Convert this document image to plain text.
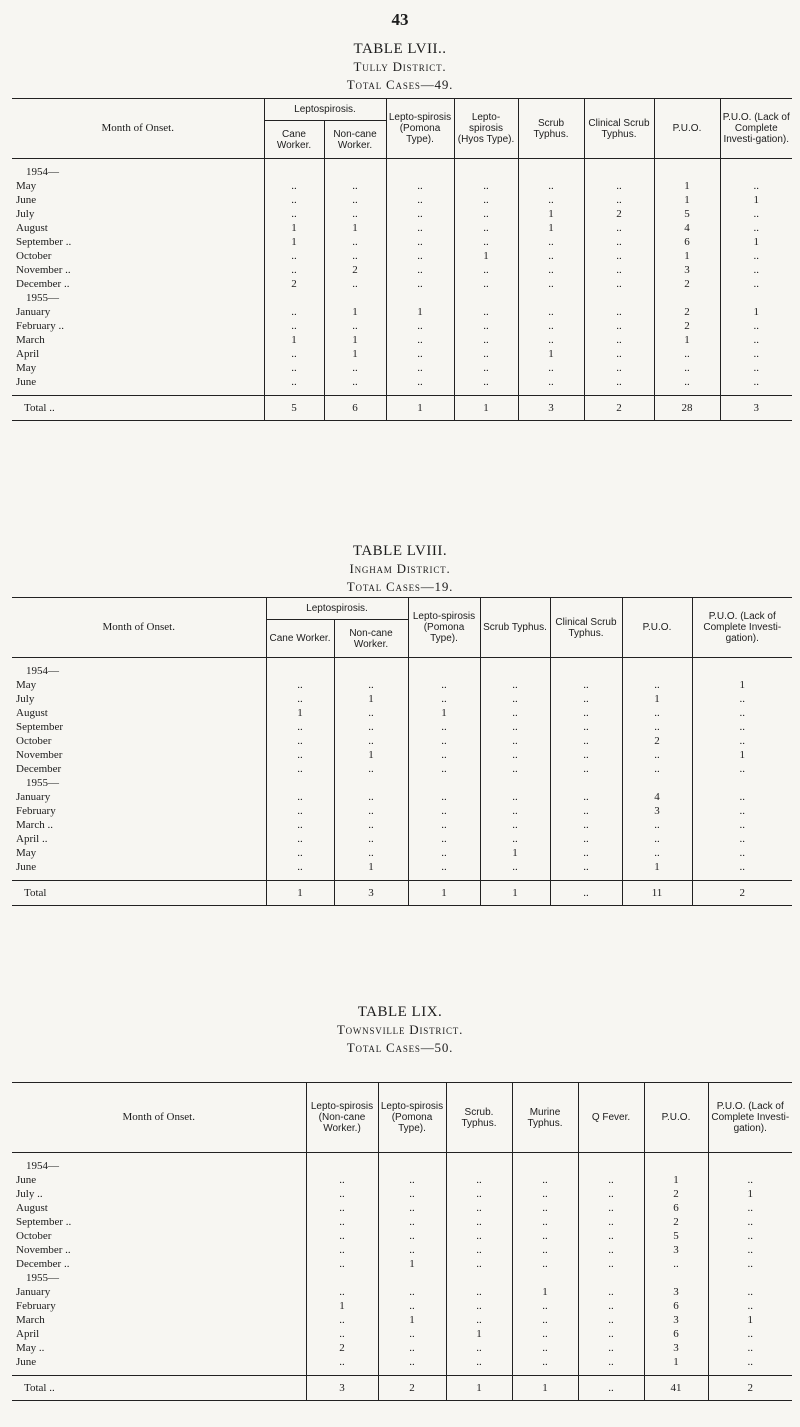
43
TABLE LVII..
Tully District.
Total Cases—49.
Month of Onset.	Leptospirosis.		Lepto-spirosis (Pomona Type).	Lepto-spirosis (Hyos Type).	Scrub Typhus.	Clinical Scrub Typhus.	P.U.O.	P.U.O. (Lack of Complete Investi-gation).
	Cane Worker.	Non-cane Worker.						
1954—								
May	..	..	..	..	..	..	1	..
June	..	..	..	..	..	..	1	1
July	..	..	..	..	1	2	5	..
August	1	1	..	..	1	..	4	..
September ..	1	..	..	..	..	..	6	1
October	..	..	..	1	..	..	1	..
November ..	..	2	..	..	..	..	3	..
December ..	2	..	..	..	..	..	2	..
1955—								
January	..	1	1	..	..	..	2	1
February ..	..	..	..	..	..	..	2	..
March	1	1	..	..	..	..	1	..
April	..	1	..	..	1	..	..	..
May	..	..	..	..	..	..	..	..
June	..	..	..	..	..	..	..	..

Total ..	5	6	1	1	3	2	28	3
TABLE LVIII.
Ingham District.
Total Cases—19.
Month of Onset.	Leptospirosis.		Lepto-spirosis (Pomona Type).	Scrub Typhus.	Clinical Scrub Typhus.	P.U.O.	P.U.O. (Lack of Complete Investi-gation).
	Cane Worker.	Non-cane Worker.					
1954—							
May	..	..	..	..	..	..	1
July	..	1	..	..	..	1	..
August	1	..	1	..	..	..	..
September	..	..	..	..	..	..	..
October	..	..	..	..	..	2	..
November	..	1	..	..	..	..	1
December	..	..	..	..	..	..	..
1955—							
January	..	..	..	..	..	4	..
February	..	..	..	..	..	3	..
March ..	..	..	..	..	..	..	..
April ..	..	..	..	..	..	..	..
May	..	..	..	1	..	..	..
June	..	1	..	..	..	1	..

Total	1	3	1	1	..	11	2
TABLE LIX.
Townsville District.
Total Cases—50.
Month of Onset.	Lepto-spirosis (Non-cane Worker.)	Lepto-spirosis (Pomona Type).	Scrub. Typhus.	Murine Typhus.	Q Fever.	P.U.O.	P.U.O. (Lack of Complete Investi-gation).
1954—							
June	..	..	..	..	..	1	..
July ..	..	..	..	..	..	2	1
August	..	..	..	..	..	6	..
September ..	..	..	..	..	..	2	..
October	..	..	..	..	..	5	..
November ..	..	..	..	..	..	3	..
December ..	..	1	..	..	..	..	..
1955—							
January	..	..	..	1	..	3	..
February	1	..	..	..	..	6	..
March	..	1	..	..	..	3	1
April	..	..	1	..	..	6	..
May ..	2	..	..	..	..	3	..
June	..	..	..	..	..	1	..

Total ..	3	2	1	1	..	41	2
